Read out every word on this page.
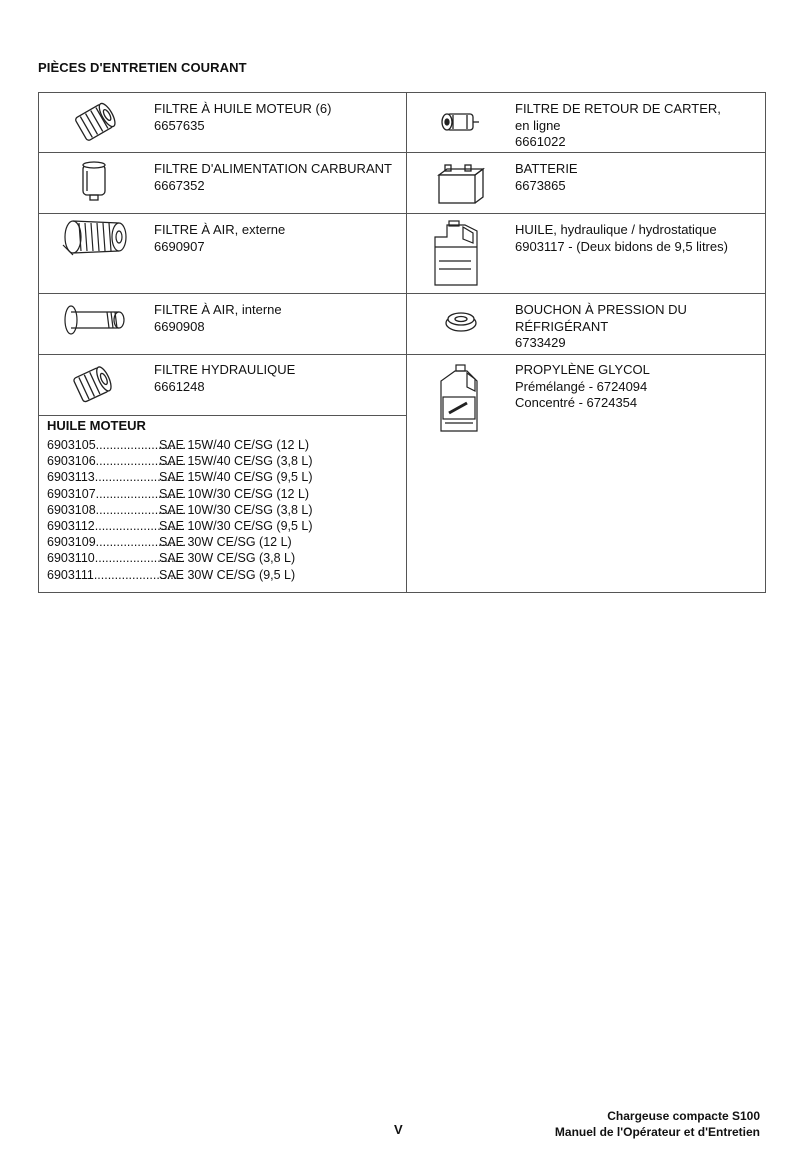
PIÈCES D'ENTRETIEN COURANT
FILTRE À HUILE MOTEUR (6)
6657635
FILTRE DE RETOUR DE CARTER,
en ligne
6661022
FILTRE D'ALIMENTATION CARBURANT
6667352
BATTERIE
6673865
FILTRE À AIR, externe
6690907
HUILE, hydraulique / hydrostatique
6903117 - (Deux bidons de 9,5 litres)
FILTRE À AIR, interne
6690908
BOUCHON À PRESSION DU
RÉFRIGÉRANT
6733429
FILTRE HYDRAULIQUE
6661248
PROPYLÈNE GLYCOL
Prémélangé - 6724094
Concentré - 6724354
HUILE MOTEUR
6903105..........................
SAE 15W/40 CE/SG (12 L)
6903106..........................
SAE 15W/40 CE/SG (3,8 L)
6903113..........................
SAE 15W/40 CE/SG (9,5 L)
6903107..........................
SAE 10W/30 CE/SG (12 L)
6903108..........................
SAE 10W/30 CE/SG (3,8 L)
6903112..........................
SAE 10W/30 CE/SG (9,5 L)
6903109..........................
SAE 30W CE/SG (12 L)
6903110..........................
SAE 30W CE/SG (3,8 L)
6903111..........................
SAE 30W CE/SG (9,5 L)
V
Chargeuse compacte S100
Manuel de l'Opérateur et d'Entretien
